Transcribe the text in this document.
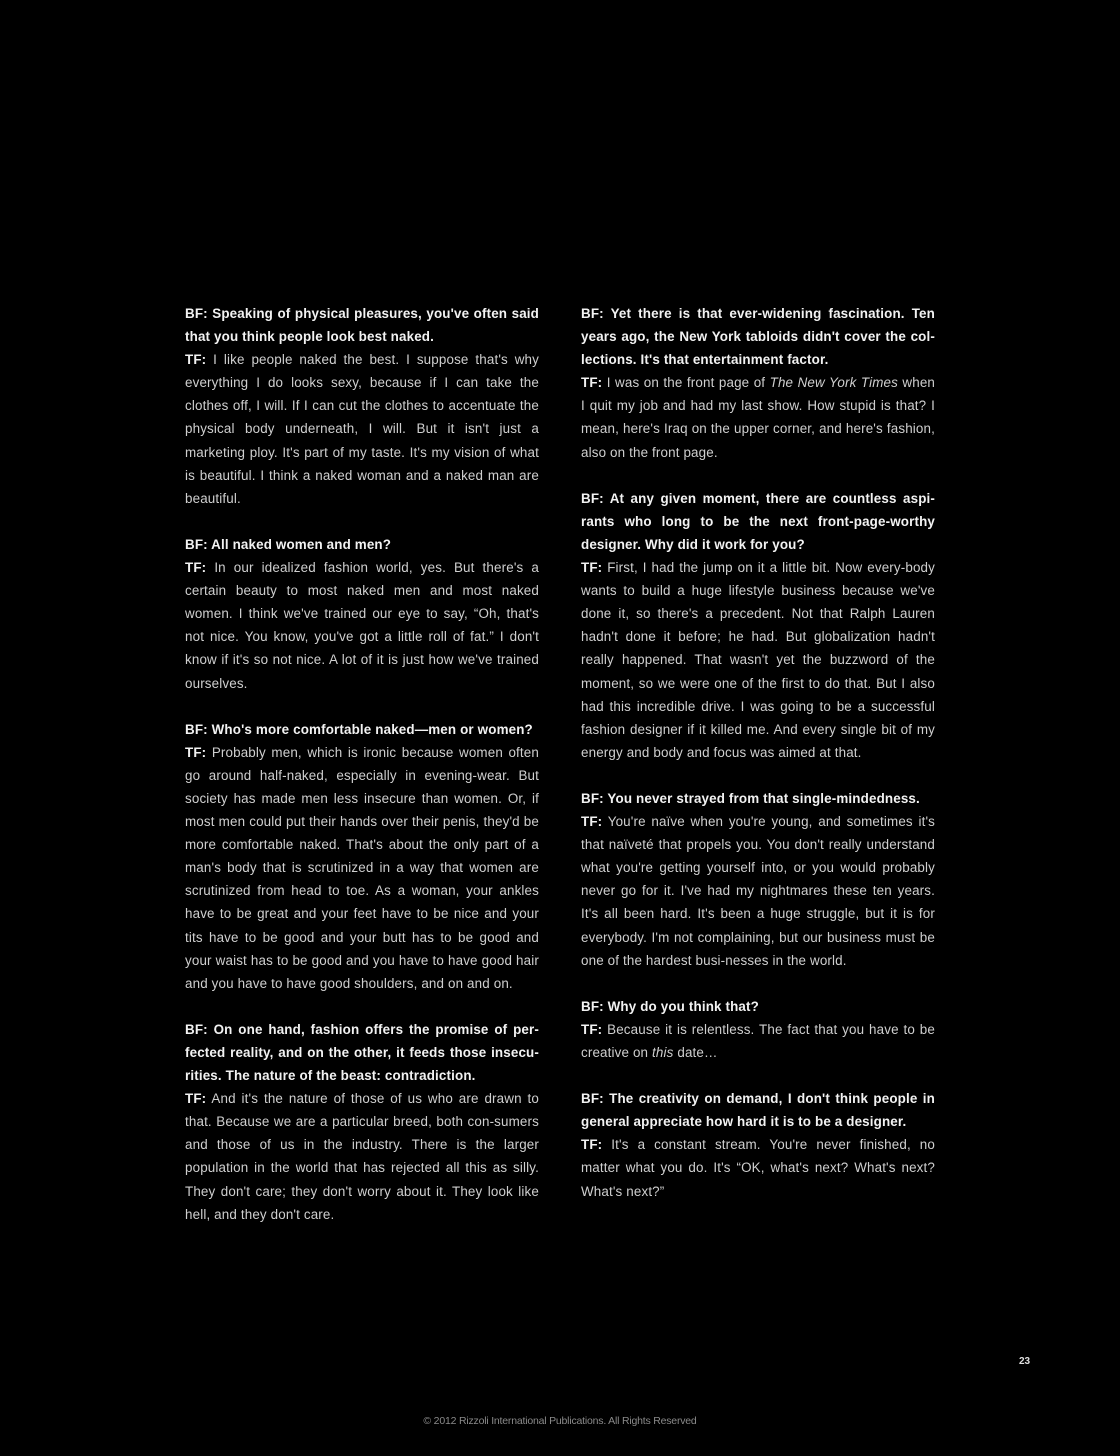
BF: Speaking of physical pleasures, you've often said that you think people look best naked.

TF: I like people naked the best. I suppose that's why everything I do looks sexy, because if I can take the clothes off, I will. If I can cut the clothes to accentuate the physical body underneath, I will. But it isn't just a marketing ploy. It's part of my taste. It's my vision of what is beautiful. I think a naked woman and a naked man are beautiful.

BF: All naked women and men?

TF: In our idealized fashion world, yes. But there's a certain beauty to most naked men and most naked women. I think we've trained our eye to say, “Oh, that's not nice. You know, you've got a little roll of fat.” I don't know if it's so not nice. A lot of it is just how we've trained ourselves.

BF: Who's more comfortable naked—men or women?

TF: Probably men, which is ironic because women often go around half-naked, especially in evening-wear. But society has made men less insecure than women. Or, if most men could put their hands over their penis, they'd be more comfortable naked. That's about the only part of a man's body that is scrutinized in a way that women are scrutinized from head to toe. As a woman, your ankles have to be great and your feet have to be nice and your tits have to be good and your butt has to be good and your waist has to be good and you have to have good hair and you have to have good shoulders, and on and on.

BF: On one hand, fashion offers the promise of per-fected reality, and on the other, it feeds those insecu-rities. The nature of the beast: contradiction.

TF: And it's the nature of those of us who are drawn to that. Because we are a particular breed, both con-sumers and those of us in the industry. There is the larger population in the world that has rejected all this as silly. They don't care; they don't worry about it. They look like hell, and they don't care.

BF: Yet there is that ever-widening fascination. Ten years ago, the New York tabloids didn't cover the col-lections. It's that entertainment factor.

TF: I was on the front page of The New York Times when I quit my job and had my last show. How stupid is that? I mean, here's Iraq on the upper corner, and here's fashion, also on the front page.

BF: At any given moment, there are countless aspi-rants who long to be the next front-page-worthy designer. Why did it work for you?

TF: First, I had the jump on it a little bit. Now every-body wants to build a huge lifestyle business because we've done it, so there's a precedent. Not that Ralph Lauren hadn't done it before; he had. But globalization hadn't really happened. That wasn't yet the buzzword of the moment, so we were one of the first to do that. But I also had this incredible drive. I was going to be a successful fashion designer if it killed me. And every single bit of my energy and body and focus was aimed at that.

BF: You never strayed from that single-mindedness.

TF: You're naïve when you're young, and sometimes it's that naïveté that propels you. You don't really understand what you're getting yourself into, or you would probably never go for it. I've had my nightmares these ten years. It's all been hard. It's been a huge struggle, but it is for everybody. I'm not complaining, but our business must be one of the hardest busi-nesses in the world.

BF: Why do you think that?

TF: Because it is relentless. The fact that you have to be creative on this date…

BF: The creativity on demand, I don't think people in general appreciate how hard it is to be a designer.

TF: It's a constant stream. You're never finished, no matter what you do. It's “OK, what's next? What's next? What's next?”

23
© 2012 Rizzoli International Publications. All Rights Reserved
